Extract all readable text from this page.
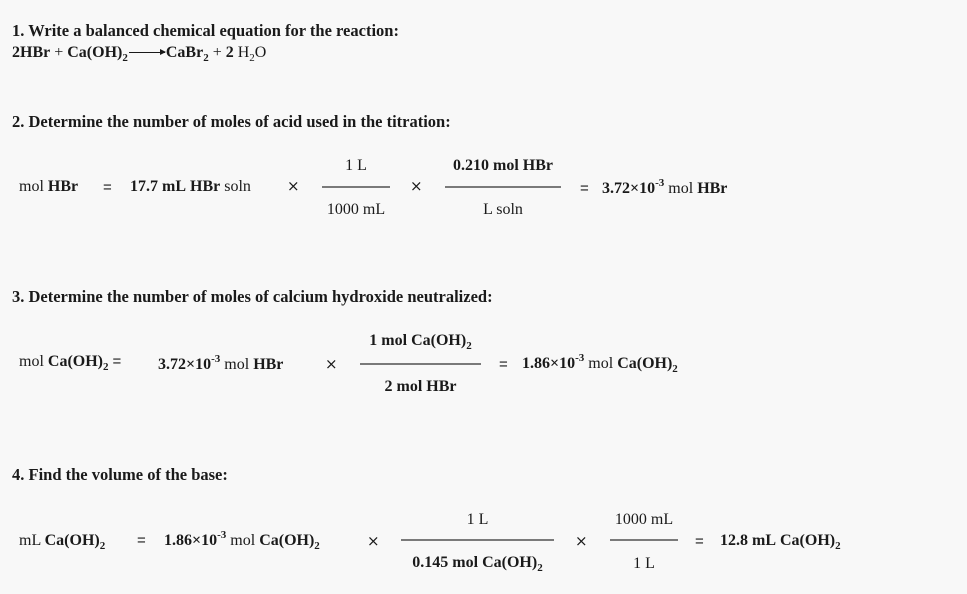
1. Write a balanced chemical equation for the reaction:
$2HBr + Ca(OH)_2\to CaBr_2 + 2$ $H_2O$
2. Determine the number of moles of acid used in the titration:
mol HBr = 17.7 mL HBr soln ×
1 L
1000 mL
×
0.210 mol HBr
L soln
= $3.72\times 10^{-3}$ mol HBr
3. Determine the number of moles of calcium hydroxide neutralized:
mol $Ca(OH)_2 = 3.72\times 10^{-3}$ mol HBr	×
1 mol $Ca(OH)_2$
2 mol HBr
= $1.86\times 10^{-3}$ mol $Ca(OH)_2$
4. Find the volume of the base:
mL $Ca(OH)_2 = 1.86\times 10^{-3}$ mol $Ca(OH)_2$	×
1 L
0.145 mol $Ca(OH)_2$
×
1000 mL
1 L
= 12.8 mL $Ca(OH)_2$
